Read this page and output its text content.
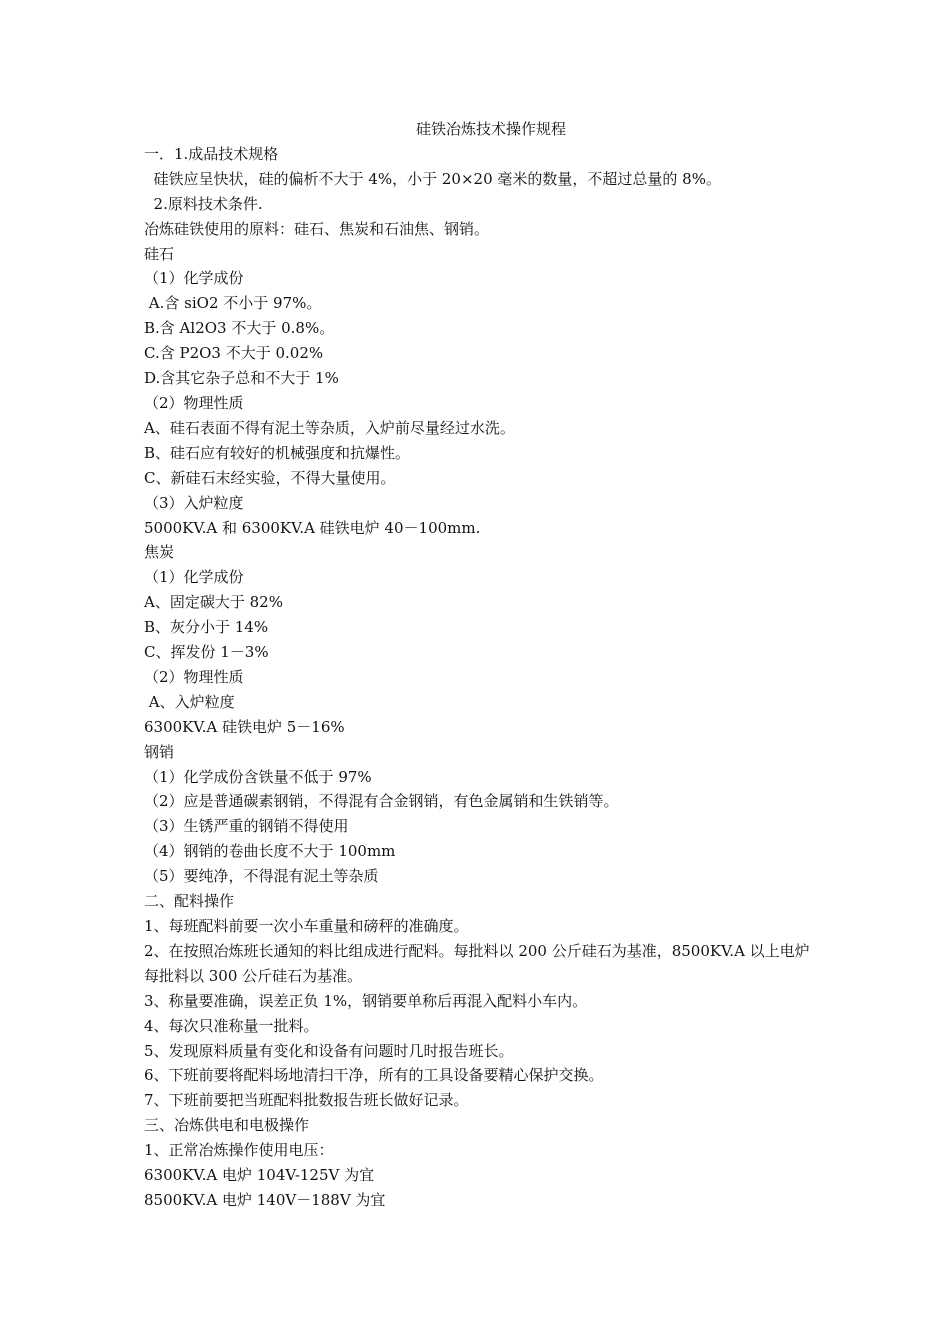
硅铁冶炼技术操作规程

一．1.成品技术规格

硅铁应呈快状，硅的偏析不大于 4%，小于 20×20 毫米的数量，不超过总量的 8%。

2.原料技术条件.

冶炼硅铁使用的原料：硅石、焦炭和石油焦、钢销。

硅石

（1）化学成份

A.含 siO2 不小于 97%。

B.含 Al2O3 不大于 0.8%。

C.含 P2O3 不大于 0.02%

D.含其它杂子总和不大于 1%

（2）物理性质

A、硅石表面不得有泥土等杂质，入炉前尽量经过水洗。

B、硅石应有较好的机械强度和抗爆性。

C、新硅石末经实验，不得大量使用。

（3）入炉粒度

5000KV.A 和 6300KV.A 硅铁电炉 40－100mm.

焦炭

（1）化学成份

A、固定碳大于 82%

B、灰分小于 14%

C、挥发份 1－3%

（2）物理性质

A、入炉粒度

6300KV.A 硅铁电炉 5－16%

钢销

（1）化学成份含铁量不低于 97%

（2）应是普通碳素钢销，不得混有合金钢销，有色金属销和生铁销等。

（3）生锈严重的钢销不得使用

（4）钢销的卷曲长度不大于 100mm

（5）要纯净，不得混有泥土等杂质

二、配料操作

1、每班配料前要一次小车重量和磅秤的准确度。

2、在按照冶炼班长通知的料比组成进行配料。每批料以 200 公斤硅石为基准，8500KV.A 以上电炉每批料以 300 公斤硅石为基准。

3、称量要准确，误差正负 1%，钢销要单称后再混入配料小车内。

4、每次只准称量一批料。

5、发现原料质量有变化和设备有问题时几时报告班长。

6、下班前要将配料场地清扫干净，所有的工具设备要精心保护交换。

7、下班前要把当班配料批数报告班长做好记录。

三、冶炼供电和电极操作

1、正常冶炼操作使用电压：

6300KV.A 电炉 104V-125V 为宜

8500KV.A 电炉 140V－188V 为宜
